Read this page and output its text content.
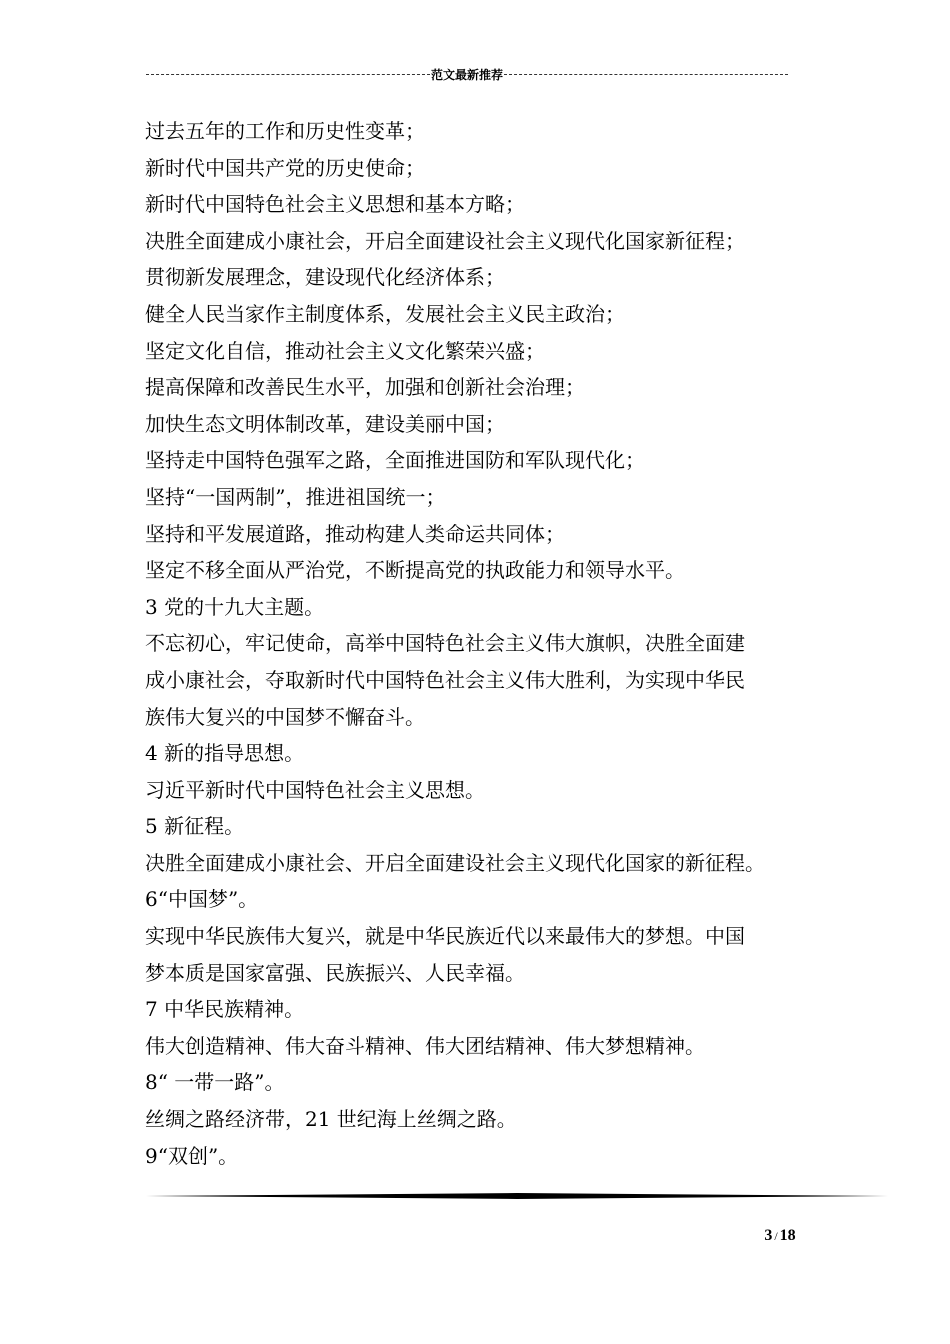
范文最新推荐
过去五年的工作和历史性变革；
新时代中国共产党的历史使命；
新时代中国特色社会主义思想和基本方略；
决胜全面建成小康社会，开启全面建设社会主义现代化国家新征程；
贯彻新发展理念，建设现代化经济体系；
健全人民当家作主制度体系，发展社会主义民主政治；
坚定文化自信，推动社会主义文化繁荣兴盛；
提高保障和改善民生水平，加强和创新社会治理；
加快生态文明体制改革，建设美丽中国；
坚持走中国特色强军之路，全面推进国防和军队现代化；
坚持“一国两制”，推进祖国统一；
坚持和平发展道路，推动构建人类命运共同体；
坚定不移全面从严治党，不断提高党的执政能力和领导水平。
3 党的十九大主题。
不忘初心，牢记使命，高举中国特色社会主义伟大旗帜，决胜全面建
成小康社会，夺取新时代中国特色社会主义伟大胜利，为实现中华民
族伟大复兴的中国梦不懈奋斗。
4 新的指导思想。
习近平新时代中国特色社会主义思想。
5 新征程。
决胜全面建成小康社会、开启全面建设社会主义现代化国家的新征程。
6“中国梦”。
实现中华民族伟大复兴，就是中华民族近代以来最伟大的梦想。中国
梦本质是国家富强、民族振兴、人民幸福。
7 中华民族精神。
伟大创造精神、伟大奋斗精神、伟大团结精神、伟大梦想精神。
8“ 一带一路”。
丝绸之路经济带，21 世纪海上丝绸之路。
9“双创”。
3 / 18
